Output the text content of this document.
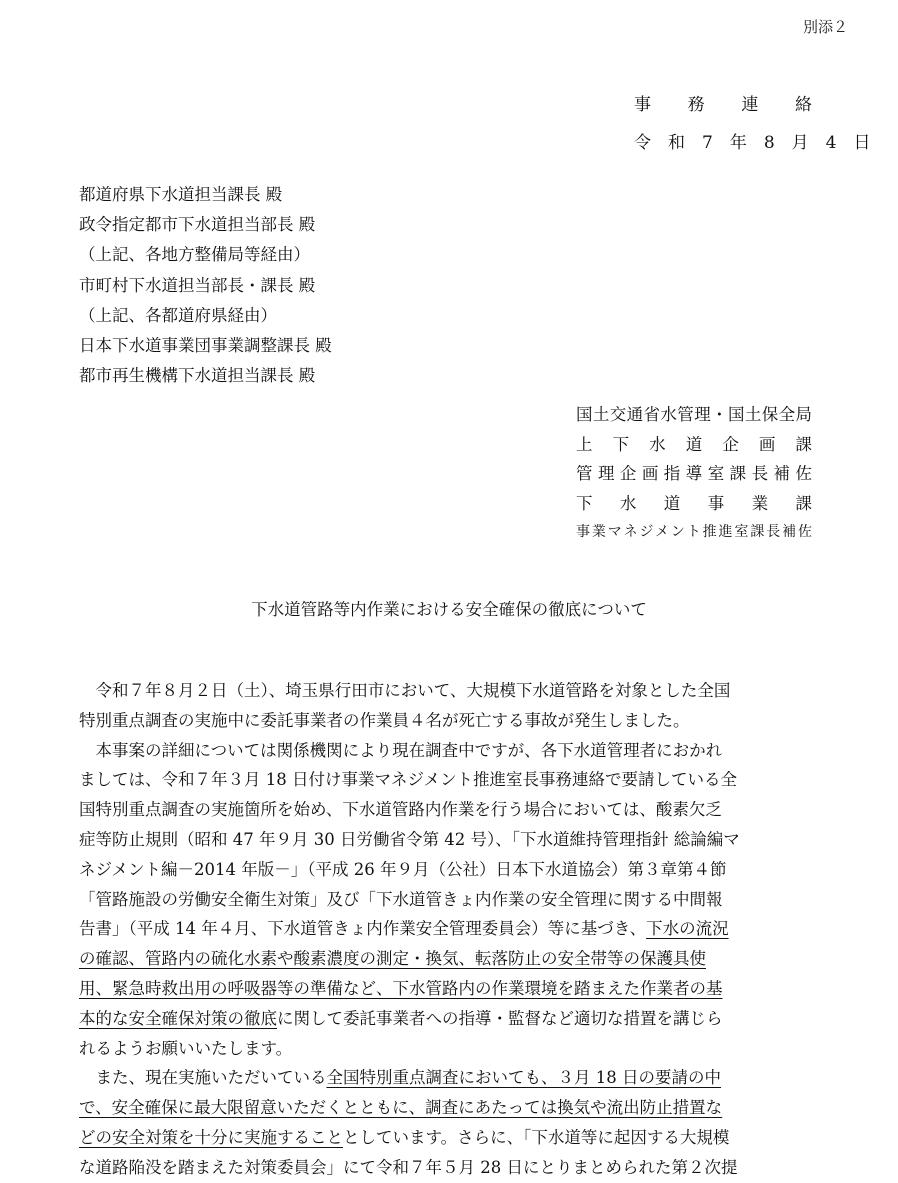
別添２
事　務　連　絡
令　和　7　年　8　月　4　日
都道府県下水道担当課長 殿
政令指定都市下水道担当部長 殿
（上記、各地方整備局等経由）
市町村下水道担当部長・課長 殿
（上記、各都道府県経由）
日本下水道事業団事業調整課長 殿
都市再生機構下水道担当課長 殿
国土交通省水管理・国土保全局
上　下　水　道　企　画　課
管理企画指導室課長補佐
下　水　道　事　業　課
事業マネジメント推進室課長補佐
下水道管路等内作業における安全確保の徹底について
　令和７年８月２日（土）、埼玉県行田市において、大規模下水道管路を対象とした全国
特別重点調査の実施中に委託事業者の作業員４名が死亡する事故が発生しました。
　本事案の詳細については関係機関により現在調査中ですが、各下水道管理者におかれ
ましては、令和７年３月 18 日付け事業マネジメント推進室長事務連絡で要請している全
国特別重点調査の実施箇所を始め、下水道管路内作業を行う場合においては、酸素欠乏
症等防止規則（昭和 47 年９月 30 日労働省令第 42 号）、「下水道維持管理指針 総論編マ
ネジメント編－2014 年版－」（平成 26 年９月（公社）日本下水道協会）第３章第４節
「管路施設の労働安全衛生対策」及び「下水道管きょ内作業の安全管理に関する中間報
告書」（平成 14 年４月、下水道管きょ内作業安全管理委員会）等に基づき、下水の流況
の確認、管路内の硫化水素や酸素濃度の測定・換気、転落防止の安全帯等の保護具使
用、緊急時救出用の呼吸器等の準備など、下水管路内の作業環境を踏まえた作業者の基
本的な安全確保対策の徹底に関して委託事業者への指導・監督など適切な措置を講じら
れるようお願いいたします。
　また、現在実施いただいている全国特別重点調査においても、３月 18 日の要請の中
で、安全確保に最大限留意いただくとともに、調査にあたっては換気や流出防止措置な
どの安全対策を十分に実施することとしています。さらに、「下水道等に起因する大規模
な道路陥没を踏まえた対策委員会」にて令和７年５月 28 日にとりまとめられた第２次提
